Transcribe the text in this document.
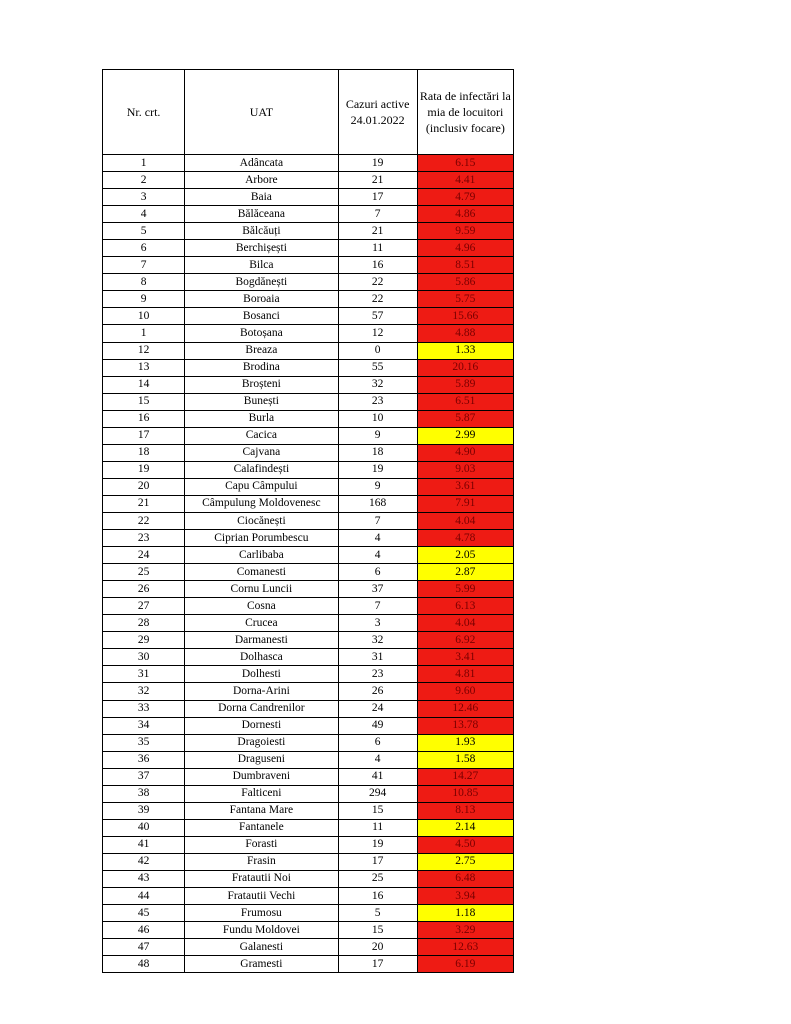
Nr. crt.	UAT	Cazuri active 24.01.2022	Rata de infectări la mia de locuitori (inclusiv focare)

1	Adâncata	19	6.15
2	Arbore	21	4.41
3	Baia	17	4.79
4	Bălăceana	7	4.86
5	Bălcăuți	21	9.59
6	Berchișești	11	4.96
7	Bilca	16	8.51
8	Bogdănești	22	5.86
9	Boroaia	22	5.75
10	Bosanci	57	15.66
1	Botoșana	12	4.88
12	Breaza	0	1.33
13	Brodina	55	20.16
14	Broșteni	32	5.89
15	Bunești	23	6.51
16	Burla	10	5.87
17	Cacica	9	2.99
18	Cajvana	18	4.90
19	Calafindești	19	9.03
20	Capu Câmpului	9	3.61
21	Câmpulung Moldovenesc	168	7.91
22	Ciocănești	7	4.04
23	Ciprian Porumbescu	4	4.78
24	Carlibaba	4	2.05
25	Comanesti	6	2.87
26	Cornu Luncii	37	5.99
27	Cosna	7	6.13
28	Crucea	3	4.04
29	Darmanesti	32	6.92
30	Dolhasca	31	3.41
31	Dolhesti	23	4.81
32	Dorna-Arini	26	9.60
33	Dorna Candrenilor	24	12.46
34	Dornesti	49	13.78
35	Dragoiesti	6	1.93
36	Draguseni	4	1.58
37	Dumbraveni	41	14.27
38	Falticeni	294	10.85
39	Fantana Mare	15	8.13
40	Fantanele	11	2.14
41	Forasti	19	4.50
42	Frasin	17	2.75
43	Fratautii Noi	25	6.48
44	Fratautii Vechi	16	3.94
45	Frumosu	5	1.18
46	Fundu Moldovei	15	3.29
47	Galanesti	20	12.63
48	Gramesti	17	6.19
